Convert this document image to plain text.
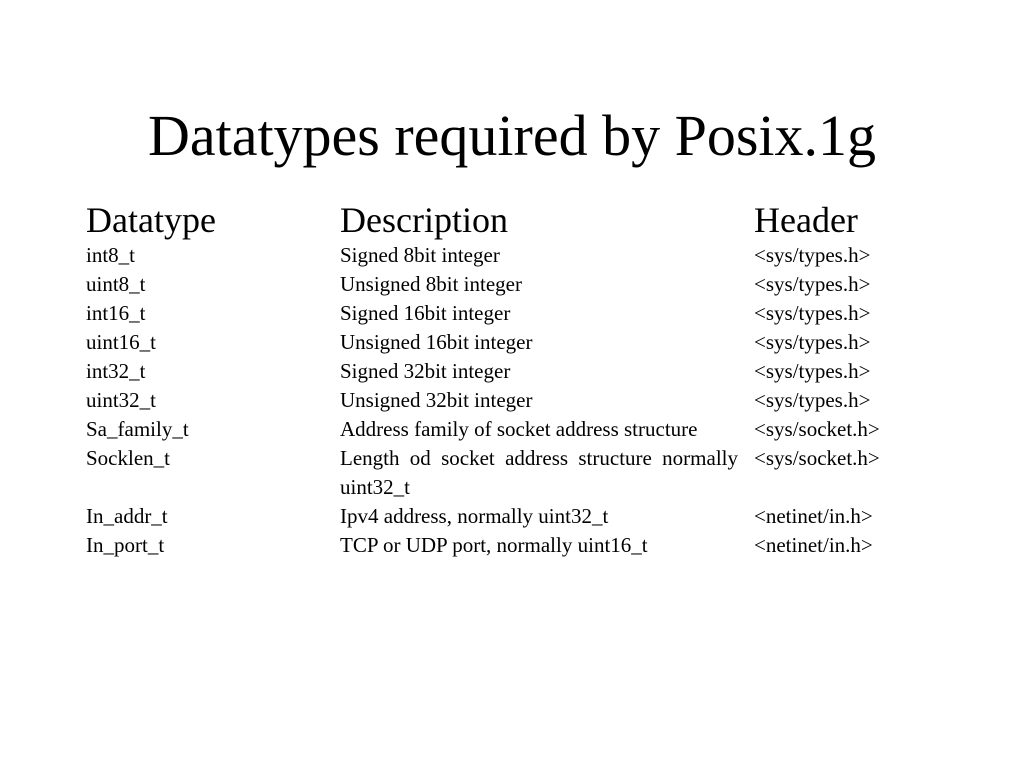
Datatypes required by Posix.1g
Datatype	Description	Header
int8_t	Signed 8bit integer	<sys/types.h>
uint8_t	Unsigned 8bit integer	<sys/types.h>
int16_t	Signed 16bit integer	<sys/types.h>
uint16_t	Unsigned 16bit integer	<sys/types.h>
int32_t	Signed 32bit integer	<sys/types.h>
uint32_t	Unsigned 32bit integer	<sys/types.h>
Sa_family_t	Address family of socket address structure	<sys/socket.h>
Socklen_t	Length od socket address structure normally uint32_t	<sys/socket.h>
In_addr_t	Ipv4 address, normally uint32_t	<netinet/in.h>
In_port_t	TCP or UDP port, normally uint16_t	<netinet/in.h>
